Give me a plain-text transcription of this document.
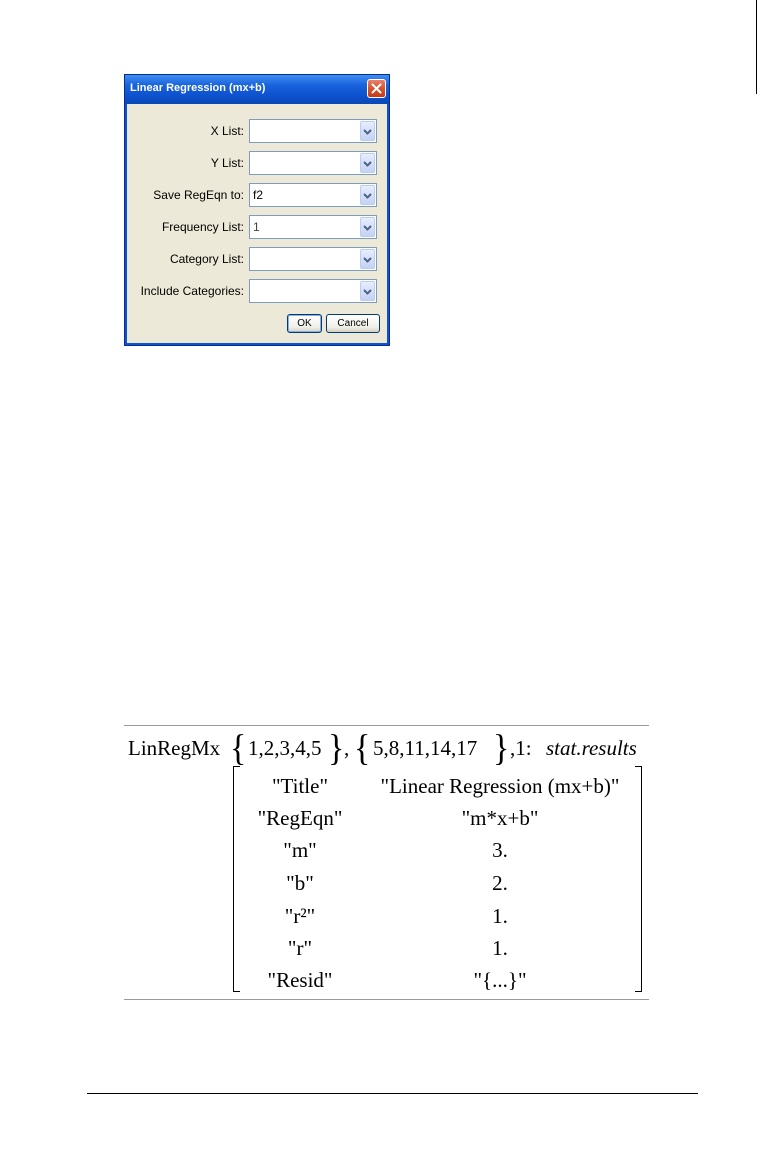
Linear Regression (mx+b)
X List:
Y List:
Save RegEqn to: f2
Frequency List: 1
Category List:
Include Categories:
OK	Cancel
LinRegMx { 1,2,3,4,5 } , { 5,8,11,14,17 } ,1: stat.results
"Title"	"Linear Regression (mx+b)"
"RegEqn"	"m*x+b"
"m"	3.
"b"	2.
"r²"	1.
"r"	1.
"Resid"	"{...}"
